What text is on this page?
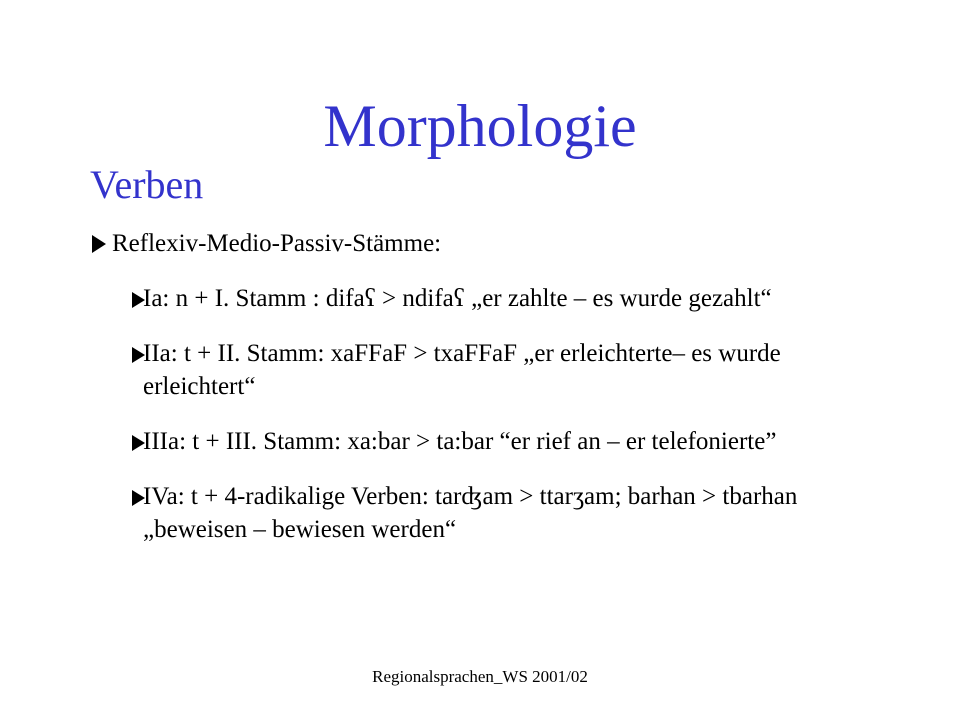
Morphologie
Verben
Reflexiv-Medio-Passiv-Stämme:
Ia: n + I. Stamm : difaʕ > ndifaʕ „er zahlte – es wurde gezahlt“
IIa: t + II. Stamm: xaFFaF > txaFFaF „er erleichterte– es wurde erleichtert“
IIIa: t + III. Stamm: xa:bar > ta:bar “er rief an – er telefonierte”
IVa: t + 4-radikalige Verben: tarʤam > ttarʒam; barhan > tbarhan „beweisen – bewiesen werden“
Regionalsprachen_WS 2001/02
